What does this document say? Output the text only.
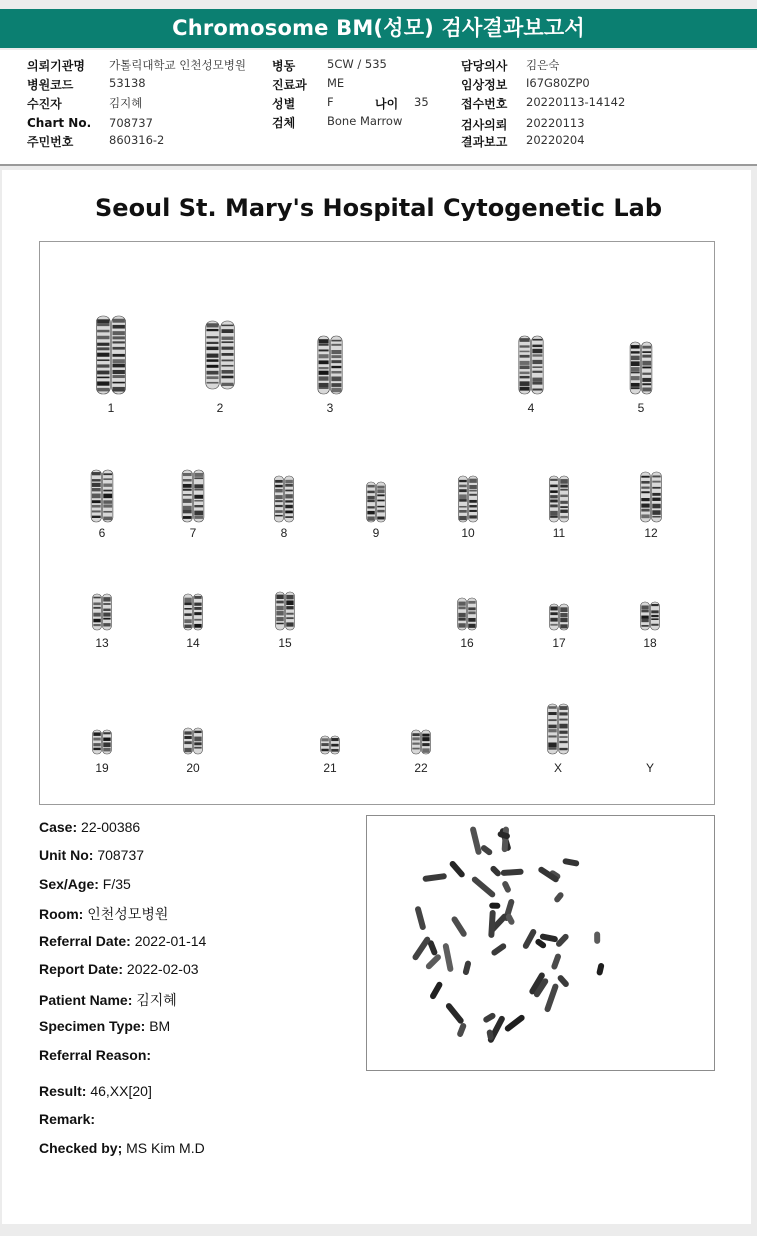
Chromosome BM(성모) 검사결과보고서
의뢰기관명 가톨릭대학교 인천성모병원
병원코드	53138
수진자	김지혜
Chart No. 708737
주민번호	860316-2
병동	5CW / 535
진료과 ME
성별	F	나이 35
검체	Bone Marrow
담당의사 김은숙
임상정보 I67G80ZP0
접수번호 20220113-14142
검사의뢰 20220113
결과보고 20220204
Seoul St. Mary's Hospital Cytogenetic Lab
1	2	3	4	5
6	7	8	9	10	11	12
13	14	15	16	17	18
19	20	21	22	X	Y
Case: 22-00386
Unit No: 708737
Sex/Age: F/35
Room: 인천성모병원
Referral Date: 2022-01-14
Report Date: 2022-02-03
Patient Name: 김지혜
Specimen Type: BM
Referral Reason:
Result: 46,XX[20]
Remark:
Checked by; MS Kim M.D
